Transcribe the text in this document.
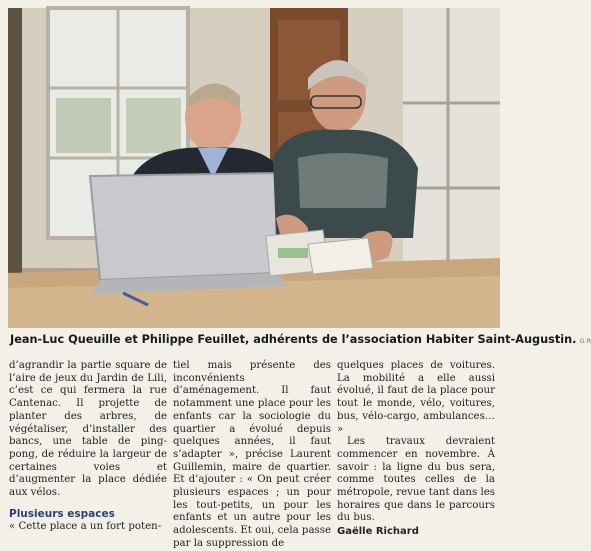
Jean-Luc Queuille et Philippe Feuillet, adhérents de l’association Habiter Saint-Augustin. G.R

d’agrandir la partie square de l’aire de jeux du Jardin de Lili, c’est ce qui fermera la rue Cantenac. Il projette de planter des arbres, de végétaliser, d’installer des bancs, une table de ping-pong, de réduire la largeur de certaines voies et d’augmenter la place dédiée aux vélos.

Plusieurs espaces

« Cette place a un fort poten-

tiel mais présente des inconvénients d’aménagement. Il faut notamment une place pour les enfants car la sociologie du quartier a évolué depuis quelques années, il faut s’adapter », précise Laurent Guillemin, maire de quartier. Et d’ajouter : « On peut créer plusieurs espaces ; un pour les tout-petits, un pour les enfants et un autre pour les adolescents. Et oui, cela passe par la suppression de

quelques places de voitures. La mobilité a elle aussi évolué, il faut de la place pour tout le monde, vélo, voitures, bus, vélo-cargo, ambulances… »

Les travaux devraient commencer en novembre. À savoir : la ligne du bus sera, comme toutes celles de la métropole, revue tant dans les horaires que dans le parcours du bus.

Gaëlle Richard
